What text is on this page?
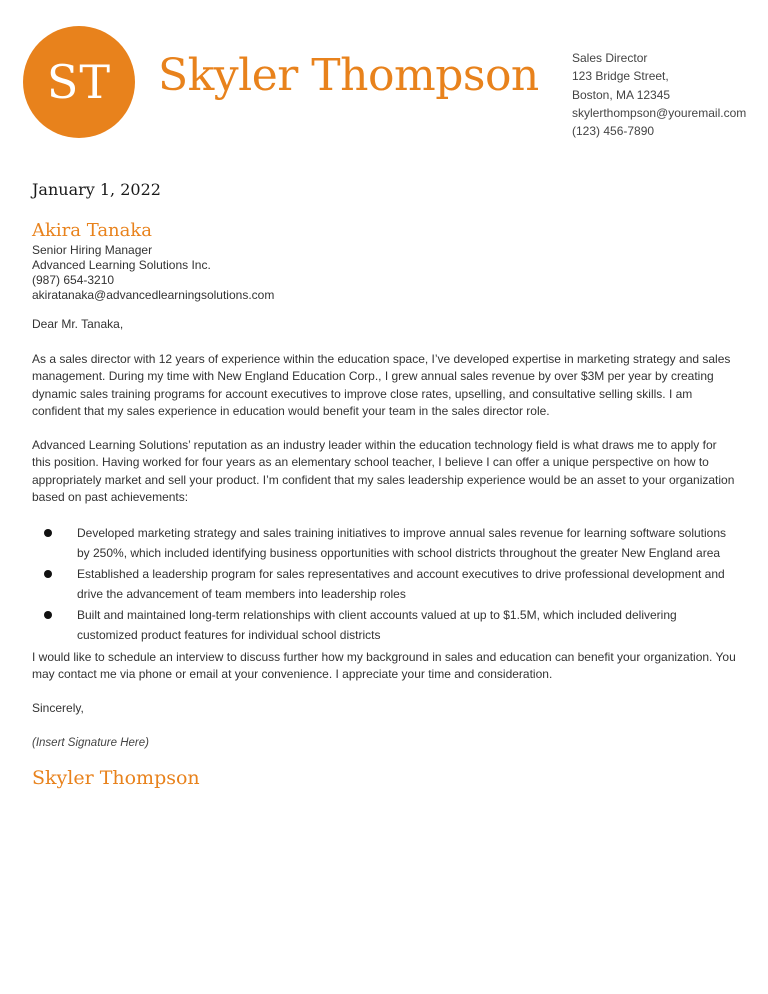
ST Skyler Thompson	Sales Director
123 Bridge Street,
Boston, MA 12345
skylerthompson@youremail.com
(123) 456-7890

January 1, 2022

Akira Tanaka
Senior Hiring Manager
Advanced Learning Solutions Inc.
(987) 654-3210
akiratanaka@advancedlearningsolutions.com

Dear Mr. Tanaka,

As a sales director with 12 years of experience within the education space, I’ve developed expertise in marketing strategy and sales management. During my time with New England Education Corp., I grew annual sales revenue by over $3M per year by creating dynamic sales training programs for account executives to improve close rates, upselling, and consultative selling skills. I am confident that my sales experience in education would benefit your team in the sales director role.

Advanced Learning Solutions’ reputation as an industry leader within the education technology field is what draws me to apply for this position. Having worked for four years as an elementary school teacher, I believe I can offer a unique perspective on how to appropriately market and sell your product. I’m confident that my sales leadership experience would be an asset to your organization based on past achievements:

Developed marketing strategy and sales training initiatives to improve annual sales revenue for learning software solutions by 250%, which included identifying business opportunities with school districts throughout the greater New England area
Established a leadership program for sales representatives and account executives to drive professional development and drive the advancement of team members into leadership roles
Built and maintained long-term relationships with client accounts valued at up to $1.5M, which included delivering customized product features for individual school districts

I would like to schedule an interview to discuss further how my background in sales and education can benefit your organization. You may contact me via phone or email at your convenience. I appreciate your time and consideration.

Sincerely,

(Insert Signature Here)

Skyler Thompson
